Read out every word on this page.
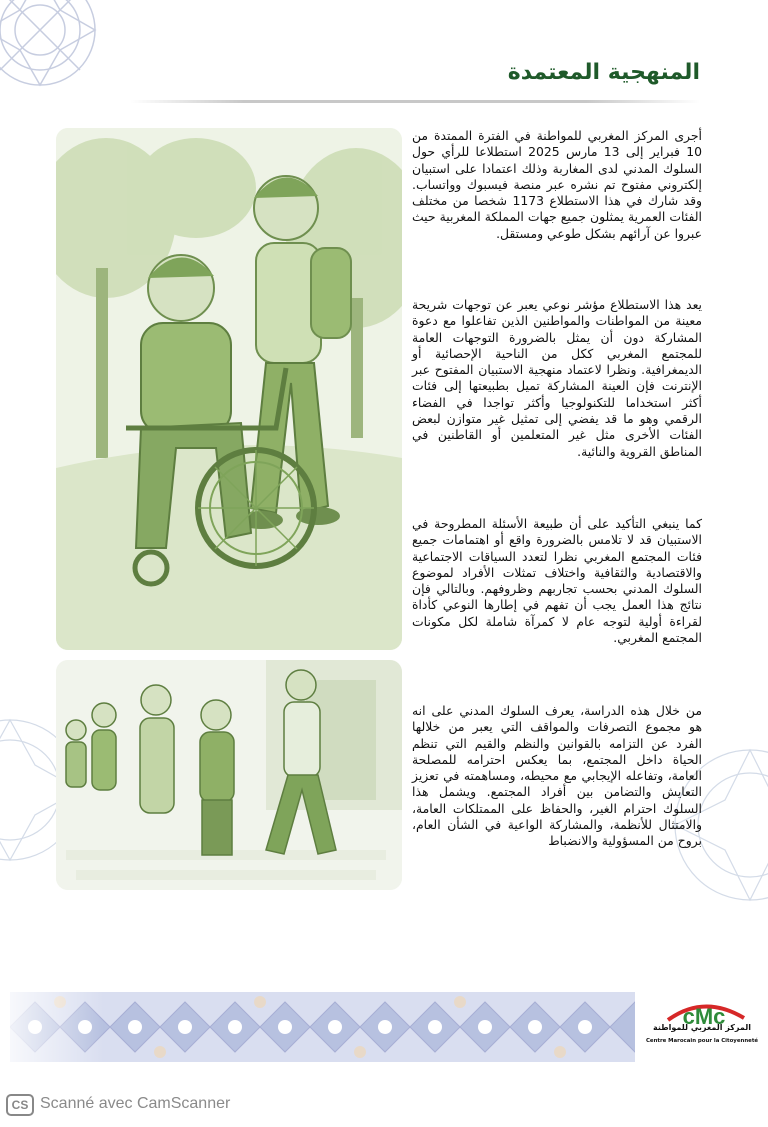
المنهجية المعتمدة

أجرى المركز المغربي للمواطنة في الفترة الممتدة من 10 فبراير إلى 13 مارس 2025 استطلاعا للرأي حول السلوك المدني لدى المغاربة وذلك اعتمادا على استبيان إلكتروني مفتوح تم نشره عبر منصة فيسبوك وواتساب. وقد شارك في هذا الاستطلاع 1173 شخصا من مختلف الفئات العمرية يمثلون جميع جهات المملكة المغربية حيث عبروا عن آرائهم بشكل طوعي ومستقل.

يعد هذا الاستطلاع مؤشر نوعي يعبر عن توجهات شريحة معينة من المواطنات والمواطنين الذين تفاعلوا مع دعوة المشاركة دون أن يمثل بالضرورة التوجهات العامة للمجتمع المغربي ككل من الناحية الإحصائية أو الديمغرافية. ونظرا لاعتماد منهجية الاستبيان المفتوح عبر الإنترنت فإن العينة المشاركة تميل بطبيعتها إلى فئات أكثر استخداما للتكنولوجيا وأكثر تواجدا في الفضاء الرقمي وهو ما قد يفضي إلى تمثيل غير متوازن لبعض الفئات الأخرى مثل غير المتعلمين أو القاطنين في المناطق القروية والنائية.

كما ينبغي التأكيد على أن طبيعة الأسئلة المطروحة في الاستبيان قد لا تلامس بالضرورة واقع أو اهتمامات جميع فئات المجتمع المغربي نظرا لتعدد السياقات الاجتماعية والاقتصادية والثقافية واختلاف تمثلات الأفراد لموضوع السلوك المدني بحسب تجاربهم وظروفهم. وبالتالي فإن نتائج هذا العمل يجب أن تفهم في إطارها النوعي كأداة لقراءة أولية لتوجه عام لا كمرآة شاملة لكل مكونات المجتمع المغربي.

من خلال هذه الدراسة، يعرف السلوك المدني على انه هو مجموع التصرفات والمواقف التي يعبر من خلالها الفرد عن التزامه بالقوانين والنظم والقيم التي تنظم الحياة داخل المجتمع، بما يعكس احترامه للمصلحة العامة، وتفاعله الإيجابي مع محيطه، ومساهمته في تعزيز التعايش والتضامن بين أفراد المجتمع. ويشمل هذا السلوك احترام الغير، والحفاظ على الممتلكات العامة، والامتثال للأنظمة، والمشاركة الواعية في الشأن العام، بروح من المسؤولية والانضباط

cMc
المركز المغربي للمواطنة
Centre Marocain pour la Citoyenneté
CS Scanné avec CamScanner
